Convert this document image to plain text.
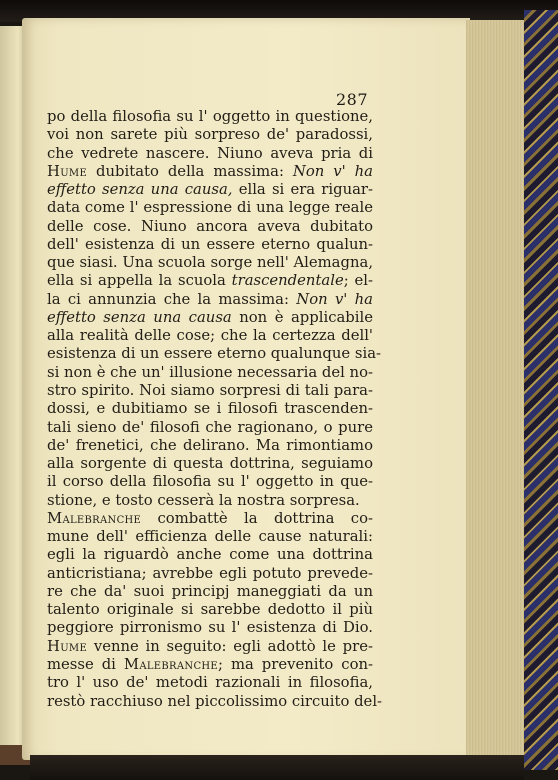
287
po della filosofia su l' oggetto in questione,
voi non sarete più sorpreso de' paradossi,
che vedrete nascere. Niuno aveva pria di
Hume dubitato della massima: Non v' ha
effetto senza una causa, ella si era riguar-
data come l' espressione di una legge reale
delle cose. Niuno ancora aveva dubitato
dell' esistenza di un essere eterno qualun-
que siasi. Una scuola sorge nell' Alemagna,
ella si appella la scuola trascendentale; el-
la ci annunzia che la massima: Non v' ha
effetto senza una causa non è applicabile
alla realità delle cose; che la certezza dell'
esistenza di un essere eterno qualunque sia-
si non è che un' illusione necessaria del no-
stro spirito. Noi siamo sorpresi di tali para-
dossi, e dubitiamo se i filosofi trascenden-
tali sieno de' filosofi che ragionano, o pure
de' frenetici, che delirano. Ma rimontiamo
alla sorgente di questa dottrina, seguiamo
il corso della filosofia su l' oggetto in que-
stione, e tosto cesserà la nostra sorpresa.
Malebranche combattè la dottrina co-
mune dell' efficienza delle cause naturali:
egli la riguardò anche come una dottrina
anticristiana; avrebbe egli potuto prevede-
re che da' suoi principj maneggiati da un
talento originale si sarebbe dedotto il più
peggiore pirronismo su l' esistenza di Dio.
Hume venne in seguito: egli adottò le pre-
messe di Malebranche; ma prevenito con-
tro l' uso de' metodi razionali in filosofia,
restò racchiuso nel piccolissimo circuito del-
